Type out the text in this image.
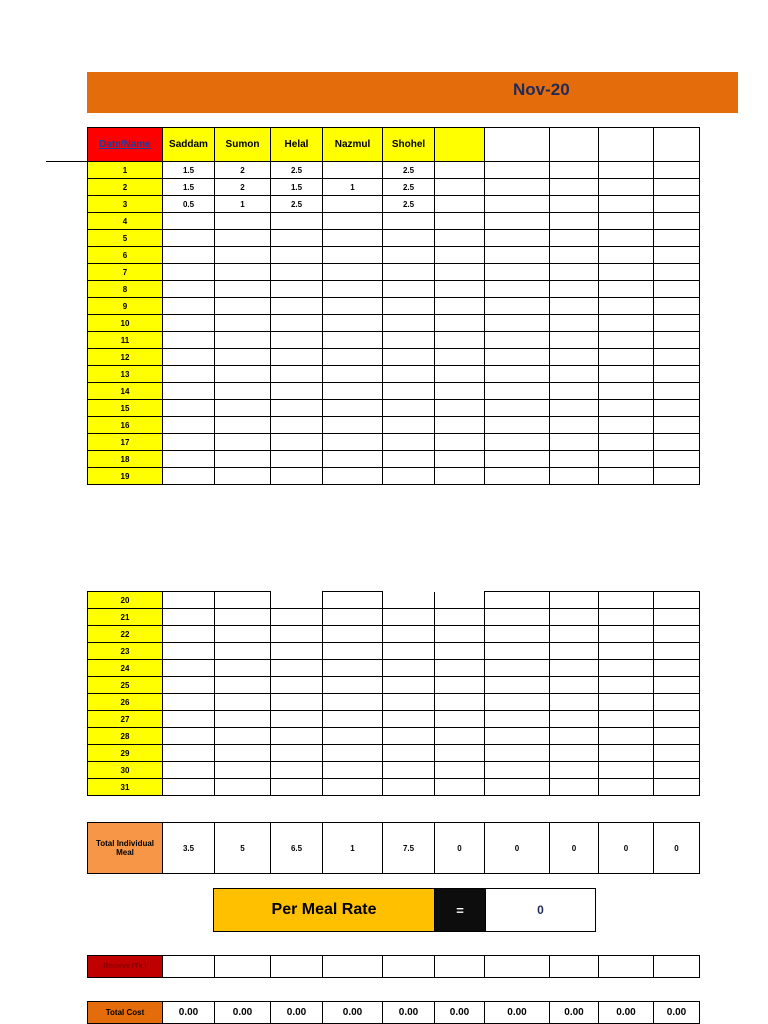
Nov-20
Date/Name	Saddam	Sumon	Helal	Nazmul	Shohel					
1	1.5	2	2.5		2.5					
2	1.5	2	1.5	1	2.5					
3	0.5	1	2.5		2.5					
4										
5										
6										
7										
8										
9										
10										
11										
12										
13										
14										
15										
16										
17										
18										
19										
20										
21										
22										
23										
24										
25										
26										
27										
28										
29										
30										
31										
Total Individual Meal	3.5	5	6.5	1	7.5	0	0	0	0	0
Per Meal Rate	=	0
Receive (Tk.)										
Total Cost	0.00	0.00	0.00	0.00	0.00	0.00	0.00	0.00	0.00	0.00
